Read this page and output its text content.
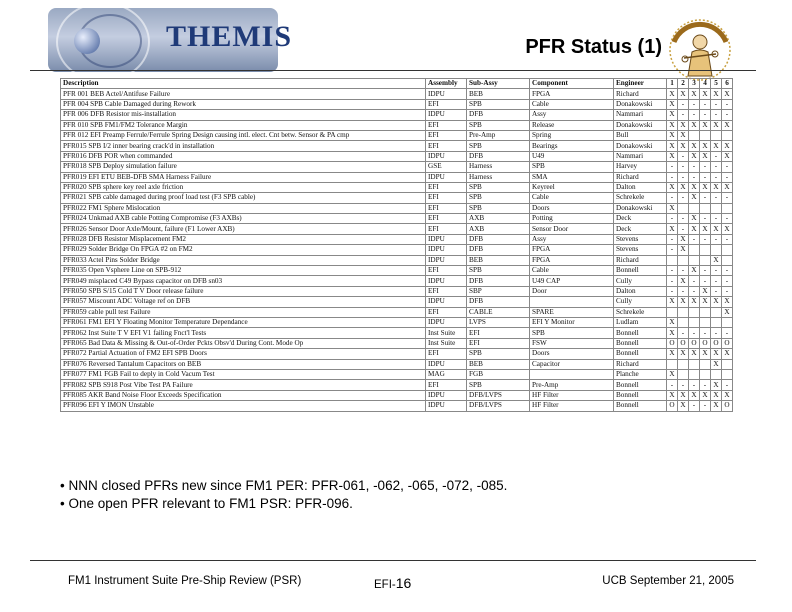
THEMIS	PFR Status (1)
Description	Assembly	Sub-Assy	Component	Engineer	1	2	3	4	5	6
PFR 001 BEB Actel/Antifuse Failure	IDPU	BEB	FPGA	Richard	X	X	X	X	X	X
PFR 004 SPB Cable Damaged during Rework	EFI	SPB	Cable	Donakowski	X	-	-	-	-	-
PFR 006 DFB Resistor mis-installation	IDPU	DFB	Assy	Nammari	X	-	-	-	-	-
PFR 010 SPB FM1/FM2 Tolerance Margin	EFI	SPB	Release	Donakowski	X	X	X	X	X	X
PFR 012 EFI Preamp Ferrule/Ferrule Spring Design causing intl. elect. Cnt betw. Sensor & PA cmp	EFI	Pre-Amp	Spring	Bull	X	X				
PFR015 SPB I/2 inner bearing crack'd in installation	EFI	SPB	Bearings	Donakowski	X	X	X	X	X	X
PFR016 DFB POR when commanded	IDPU	DFB	U49	Nammari	X	-	X	X	-	X
PFR018 SPB Deploy simulation failure	GSE	Harness	SPB	Harvey	-	-	-	-	-	-
PFR019 EFI ETU BEB-DFB SMA Harness Failure	IDPU	Harness	SMA	Richard	-	-	-	-	-	-
PFR020 SPB sphere key reel axle friction	EFI	SPB	Keyreel	Dalton	X	X	X	X	X	X
PFR021 SPB cable damaged during proof load test (F3 SPB cable)	EFI	SPB	Cable	Schrekele	-	-	X	-	-	-
PFR022 FM1 Sphere Mislocation	EFI	SPB	Doors	Donakowski	X					
PFR024 Unkmad AXB cable Potting Compromise (F3 AXBs)	EFI	AXB	Potting	Deck	-	-	X	-	-	-
PFR026 Sensor Door Axle/Mount, failure (F1 Lower AXB)	EFI	AXB	Sensor Door	Deck	X	-	X	X	X	X
PFR028 DFB Resistor Misplacement FM2	IDPU	DFB	Assy	Stevens	-	X	-	-	-	-
PFR029 Solder Bridge On FPGA #2 on FM2	IDPU	DFB	FPGA	Stevens	-	X				
PFR033 Actel Pins Solder Bridge	IDPU	BEB	FPGA	Richard					X	
PFR035 Open Vsphere Line on SPB-912	EFI	SPB	Cable	Bonnell	-	-	X	-	-	-
PFR049 misplaced C49 Bypass capacitor on DFB sn03	IDPU	DFB	U49 CAP	Cully	-	X	-	-	-	-
PFR050 SPB S/15 Cold T V Door release failure	EFI	SBP	Door	Dalton	-	-	-	X	-	-
PFR057 Miscount ADC Voltage ref on DFB	IDPU	DFB		Cully	X	X	X	X	X	X
PFR059 cable pull test Failure	EFI	CABLE	SPARE	Schrekele						X
PFR061 FM1 EFI Y Floating Monitor Temperature Dependance	IDPU	LVPS	EFI Y Monitor	Ludlam	X					
PFR062 Inst Suite T V EFI V1 failing Fnct'l Tests	Inst Suite	EFI	SPB	Bonnell	X	-	-	-	-	-
PFR065 Bad Data & Missing & Out-of-Order Pckts Obsv'd During Cont. Mode Op	Inst Suite	EFI	FSW	Bonnell	O	O	O	O	O	O
PFR072 Partial Actuation of FM2 EFI SPB Doors	EFI	SPB	Doors	Bonnell	X	X	X	X	X	X
PFR076 Reversed Tantalum Capacitors on BEB	IDPU	BEB	Capacitor	Richard					X	
PFR077 FM1 FGB Fail to deply in Cold Vacum Test	MAG	FGB		Planche	X					
PFR082 SPB S918 Post Vibe Test PA Failure	EFI	SPB	Pre-Amp	Bonnell	-	-	-	-	X	-
PFR085 AKR Band Noise Floor Exceeds Specification	IDPU	DFB/LVPS	HF Filter	Bonnell	X	X	X	X	X	X
PFR096 EFI Y IMON Unstable	IDPU	DFB/LVPS	HF Filter	Bonnell	O	X	-	-	X	O
• NNN closed PFRs new since FM1 PER: PFR-061, -062, -065, -072, -085.
• One open PFR relevant to FM1 PSR: PFR-096.
FM1 Instrument Suite Pre-Ship Review (PSR)	EFI-16	UCB September 21, 2005
